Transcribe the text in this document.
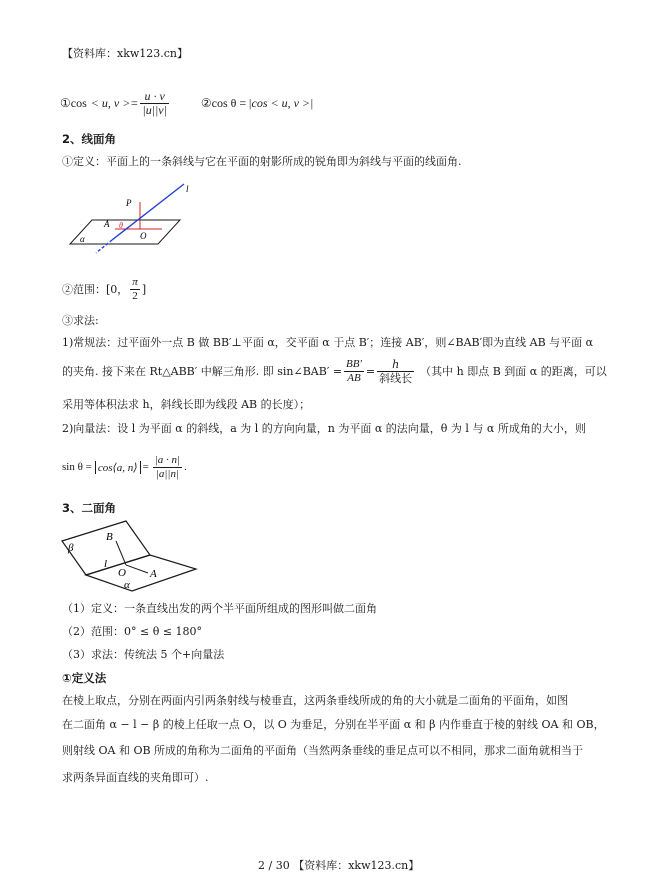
【资料库：xkw123.cn】
①cos < u, $v >= \frac{u \cdot v}{|u||v|}$	②cos θ = |cos < u, v >|
2、线面角
①定义：平面上的一条斜线与它在平面的射影所成的锐角即为斜线与平面的线面角.
l
P
A θ
O
α
②范围：[0， $\frac{\pi}{2}$ ]
③求法:
1)常规法：过平面外一点 B 做 BB′⊥平面 α，交平面 α 于点 B′；连接 AB′，则∠BAB′即为直线 AB 与平面 α
的夹角. 接下来在 Rt△ABB′ 中解三角形. 即 sin∠BAB′ = $\frac{BB'}{AB} = \frac{h}{\text{斜线长}}$ （其中 h 即点 B 到面 α 的距离，可以
采用等体积法求 h，斜线长即为线段 AB 的长度）；
2)向量法：设 l 为平面 α 的斜线，a 为 l 的方向向量，n 为平面 α 的法向量，θ 为 l 与 α 所成角的大小，则
sin θ = cos⟨a, n⟩ = $\frac{|a \cdot n|}{|a||n|}$ .
3、二面角
β
B
l
O A
α
（1）定义：一条直线出发的两个半平面所组成的图形叫做二面角
（2）范围：0° ≤ θ ≤ 180°
（3）求法：传统法 5 个+向量法
①定义法
在棱上取点，分别在两面内引两条射线与棱垂直，这两条垂线所成的角的大小就是二面角的平面角，如图
在二面角 α − l − β 的棱上任取一点 O，以 O 为垂足，分别在半平面 α 和 β 内作垂直于棱的射线 OA 和 OB，
则射线 OA 和 OB 所成的角称为二面角的平面角（当然两条垂线的垂足点可以不相同，那求二面角就相当于
求两条异面直线的夹角即可）.
2 / 30 【资料库：xkw123.cn】
